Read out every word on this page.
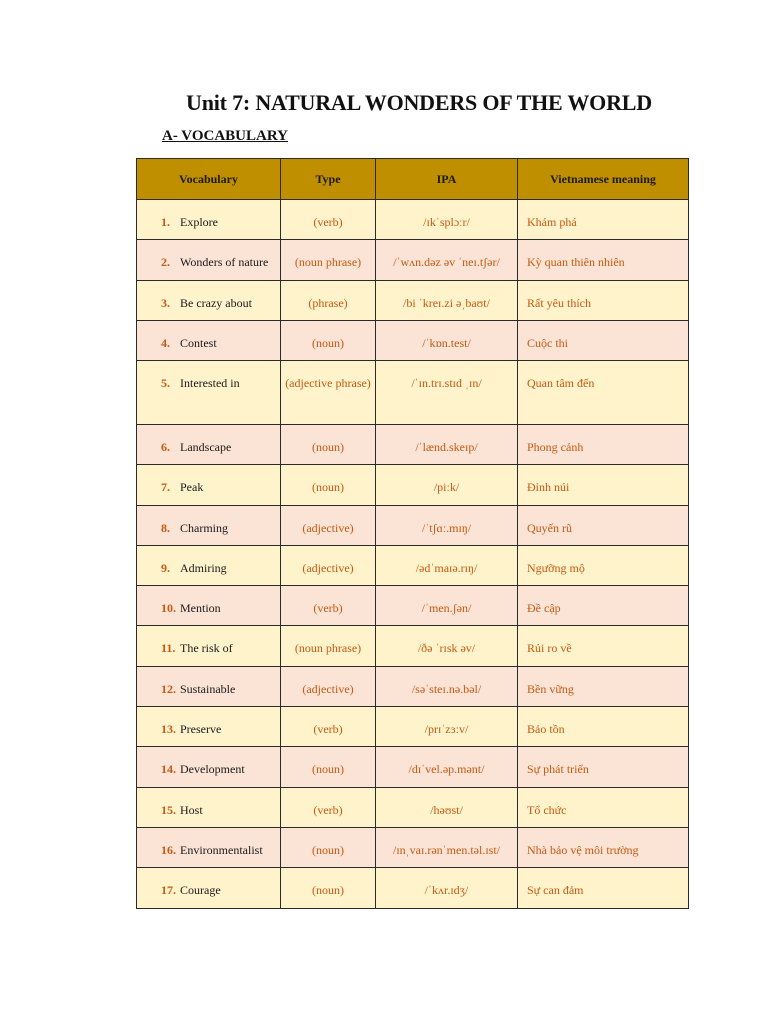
Unit 7: NATURAL WONDERS OF THE WORLD
A- VOCABULARY
Vocabulary	Type	IPA	Vietnamese meaning

1. Explore	(verb)	/ɪkˈsplɔːr/	Khám phá

2. Wonders of nature	(noun phrase)	/ˈwʌn.dəz əv ˈneɪ.tʃər/	Kỳ quan thiên nhiên

3. Be crazy about	(phrase)	/bi ˈkreɪ.zi əˌbaʊt/	Rất yêu thích

4. Contest	(noun)	/ˈkɒn.test/	Cuộc thi

5. Interested in	(adjective phrase)	/ˈɪn.trɪ.stɪd ˌɪn/	Quan tâm đến

6. Landscape	(noun)	/ˈlænd.skeɪp/	Phong cảnh

7. Peak	(noun)	/piːk/	Đỉnh núi

8. Charming	(adjective)	/ˈtʃɑː.mɪŋ/	Quyến rũ

9. Admiring	(adjective)	/ədˈmaɪə.rɪŋ/	Ngưỡng mộ

10. Mention	(verb)	/ˈmen.ʃən/	Đề cập

11. The risk of	(noun phrase)	/ðə ˈrɪsk əv/	Rủi ro về

12. Sustainable	(adjective)	/səˈsteɪ.nə.bəl/	Bền vững

13. Preserve	(verb)	/prɪˈzɜːv/	Bảo tồn

14. Development	(noun)	/dɪˈvel.əp.mənt/	Sự phát triển

15. Host	(verb)	/həʊst/	Tổ chức

16. Environmentalist	(noun)	/ɪnˌvaɪ.rənˈmen.təl.ɪst/	Nhà bảo vệ môi trường

17. Courage	(noun)	/ˈkʌr.ɪdʒ/	Sự can đảm
